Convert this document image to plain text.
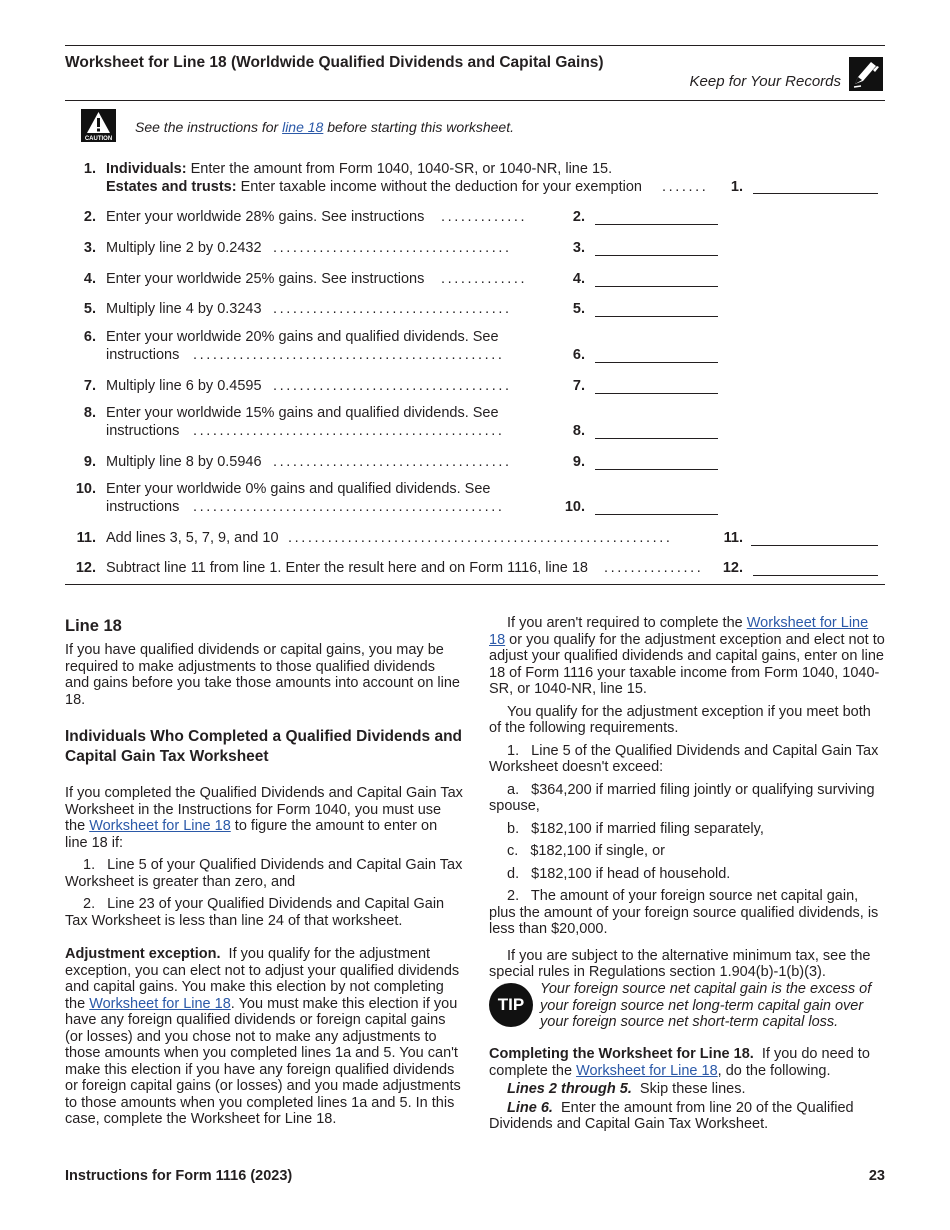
Worksheet for Line 18 (Worldwide Qualified Dividends and Capital Gains)
Keep for Your Records
CAUTION
See the instructions for line 18 before starting this worksheet.
1. Individuals: Enter the amount from Form 1040, 1040-SR, or 1040-NR, line 15.
Estates and trusts: Enter taxable income without the deduction for your exemption .......	1.
2. Enter your worldwide 28% gains. See instructions .............	2.
3. Multiply line 2 by 0.2432 ....................................	3.
4. Enter your worldwide 25% gains. See instructions .............	4.
5. Multiply line 4 by 0.3243 ....................................	5.
6. Enter your worldwide 20% gains and qualified dividends. See
instructions ...............................................	6.
7. Multiply line 6 by 0.4595 ....................................	7.
8. Enter your worldwide 15% gains and qualified dividends. See
instructions ...............................................	8.
9. Multiply line 8 by 0.5946 ....................................	9.
10. Enter your worldwide 0% gains and qualified dividends. See
instructions ...............................................	10.
11. Add lines 3, 5, 7, 9, and 10 ..........................................................	11.
12. Subtract line 11 from line 1. Enter the result here and on Form 1116, line 18 ...............	12.

Line 18

If you have qualified dividends or capital gains, you may be required to make adjustments to those qualified dividends and gains before you take those amounts into account on line 18.

Individuals Who Completed a Qualified Dividends and Capital Gain Tax Worksheet

If you completed the Qualified Dividends and Capital Gain Tax Worksheet in the Instructions for Form 1040, you must use the Worksheet for Line 18 to figure the amount to enter on line 18 if:

1.   Line 5 of your Qualified Dividends and Capital Gain Tax Worksheet is greater than zero, and

2.   Line 23 of your Qualified Dividends and Capital Gain Tax Worksheet is less than line 24 of that worksheet.

Adjustment exception.  If you qualify for the adjustment exception, you can elect not to adjust your qualified dividends and capital gains. You make this election by not completing the Worksheet for Line 18. You must make this election if you have any foreign qualified dividends or foreign capital gains (or losses) and you chose not to make any adjustments to those amounts when you completed lines 1a and 5. You can't make this election if you have any foreign qualified dividends or foreign capital gains (or losses) and you made adjustments to those amounts when you completed lines 1a and 5. In this case, complete the Worksheet for Line 18.

If you aren't required to complete the Worksheet for Line 18 or you qualify for the adjustment exception and elect not to adjust your qualified dividends and capital gains, enter on line 18 of Form 1116 your taxable income from Form 1040, 1040-SR, or 1040-NR, line 15.

You qualify for the adjustment exception if you meet both of the following requirements.

1.   Line 5 of the Qualified Dividends and Capital Gain Tax Worksheet doesn't exceed:

a.   $364,200 if married filing jointly or qualifying surviving spouse,

b.   $182,100 if married filing separately,

c.   $182,100 if single, or

d.   $182,100 if head of household.

2.   The amount of your foreign source net capital gain, plus the amount of your foreign source qualified dividends, is less than $20,000.

If you are subject to the alternative minimum tax, see the special rules in Regulations section 1.904(b)-1(b)(3).

TIP
Your foreign source net capital gain is the excess of your foreign source net long-term capital gain over your foreign source net short-term capital loss.

Completing the Worksheet for Line 18.  If you do need to complete the Worksheet for Line 18, do the following.

Lines 2 through 5.  Skip these lines.

Line 6.  Enter the amount from line 20 of the Qualified Dividends and Capital Gain Tax Worksheet.

Instructions for Form 1116 (2023)	23
